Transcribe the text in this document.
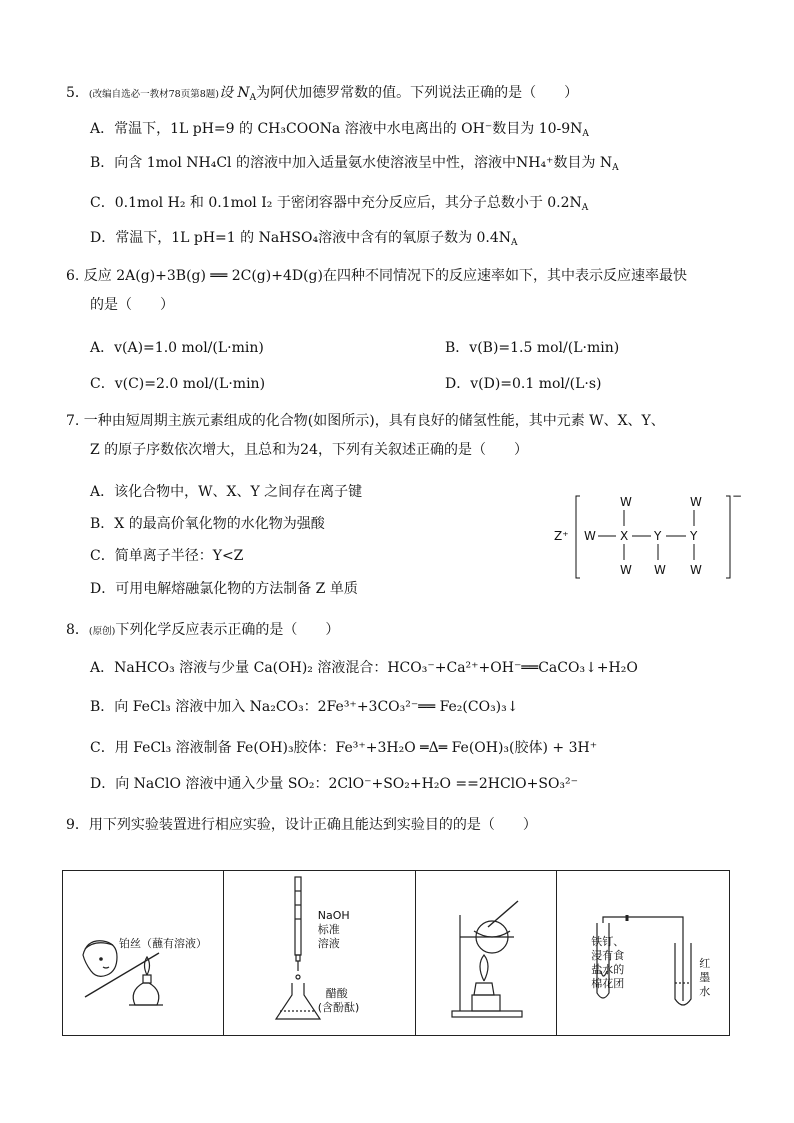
5．(改编自选必一教材78页第8题)设 $N_A$为阿伏加德罗常数的值。下列说法正确的是（　　）
A．常温下，1L pH=9 的 CH₃COONa 溶液中水电离出的 OH⁻数目为 $10-9N_A$
B．向含 1mol NH₄Cl 的溶液中加入适量氨水使溶液呈中性，溶液中NH₄⁺数目为 $N_A$
C．0.1mol H₂ 和 0.1mol I₂ 于密闭容器中充分反应后，其分子总数小于 $0.2N_A$
D．常温下，1L pH=1 的 NaHSO₄溶液中含有的氧原子数为 $0.4N_A$
6. 反应 2A(g)+3B(g) ══ 2C(g)+4D(g)在四种不同情况下的反应速率如下，其中表示反应速率最快
的是（　　）
A．v(A)=1.0 mol/(L·min)	B．v(B)=1.5 mol/(L·min)
C．v(C)=2.0 mol/(L·min)	D．v(D)=0.1 mol/(L·s)
7. 一种由短周期主族元素组成的化合物(如图所示)，具有良好的储氢性能，其中元素 W、X、Y、
Z 的原子序数依次增大，且总和为24，下列有关叙述正确的是（　　）
A．该化合物中，W、X、Y 之间存在离子键
B．X 的最高价氧化物的水化物为强酸
C．简单离子半径：Y<Z
D．可用电解熔融氯化物的方法制备 Z 单质
Z⁺
−
W X Y Y
W
W W
W
W
8．(原创)下列化学反应表示正确的是（　　）
A．NaHCO₃ 溶液与少量 Ca(OH)₂ 溶液混合：HCO₃⁻+Ca²⁺+OH⁻══CaCO₃↓+H₂O
B．向 FeCl₃ 溶液中加入 Na₂CO₃：2Fe³⁺+3CO₃²⁻══ Fe₂(CO₃)₃↓
C．用 FeCl₃ 溶液制备 Fe(OH)₃胶体：Fe³⁺+3H₂O ═Δ═ Fe(OH)₃(胶体) + 3H⁺
D．向 NaClO 溶液中通入少量 SO₂：2ClO⁻+SO₂+H₂O ==2HClO+SO₃²⁻
9．用下列实验装置进行相应实验，设计正确且能达到实验目的的是（　　）
铂丝（蘸有溶液）
NaOH
标准
溶液
醋酸
(含酚酞)
铁钉、
浸有食
盐水的
棉花团
红
墨
水
